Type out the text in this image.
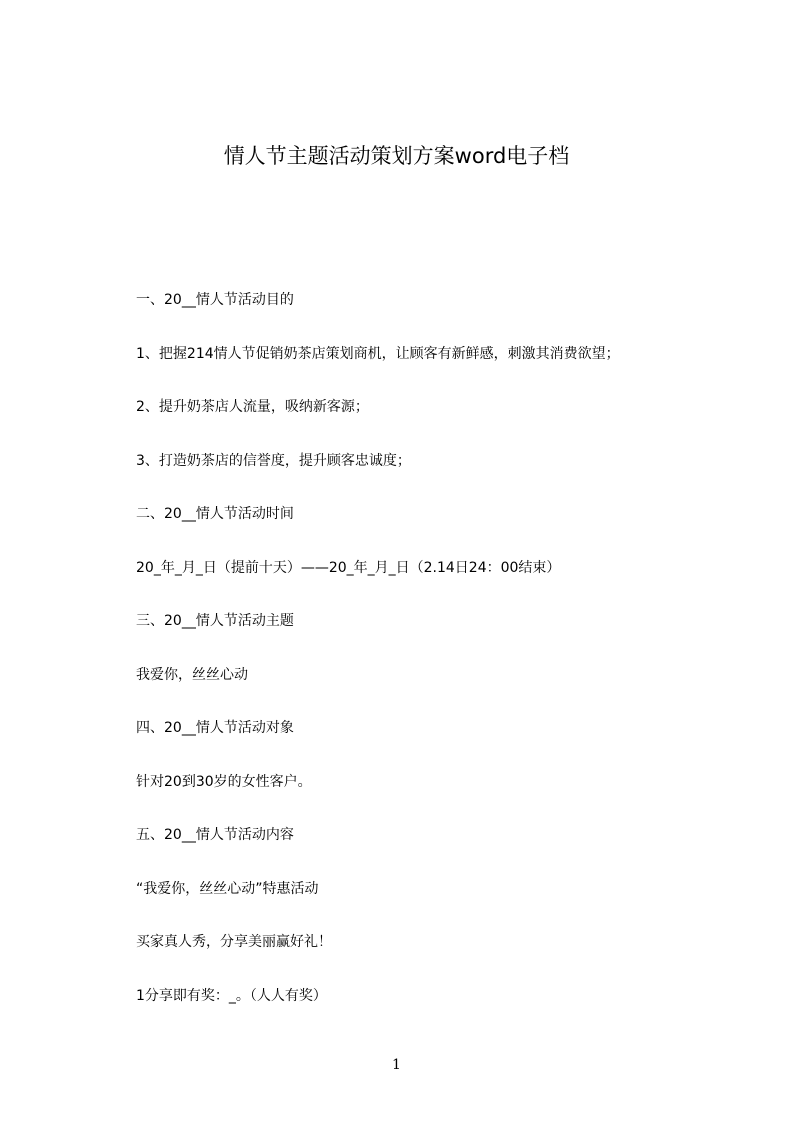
情人节主题活动策划方案word电子档
一、20__情人节活动目的
1、把握214情人节促销奶茶店策划商机，让顾客有新鲜感，刺激其消费欲望；
2、提升奶茶店人流量，吸纳新客源；
3、打造奶茶店的信誉度，提升顾客忠诚度；
二、20__情人节活动时间
20_年_月_日（提前十天）——20_年_月_日（2.14日24：00结束）
三、20__情人节活动主题
我爱你，丝丝心动
四、20__情人节活动对象
针对20到30岁的女性客户。
五、20__情人节活动内容
“我爱你，丝丝心动”特惠活动
买家真人秀，分享美丽赢好礼！
1分享即有奖：_。（人人有奖）
1
